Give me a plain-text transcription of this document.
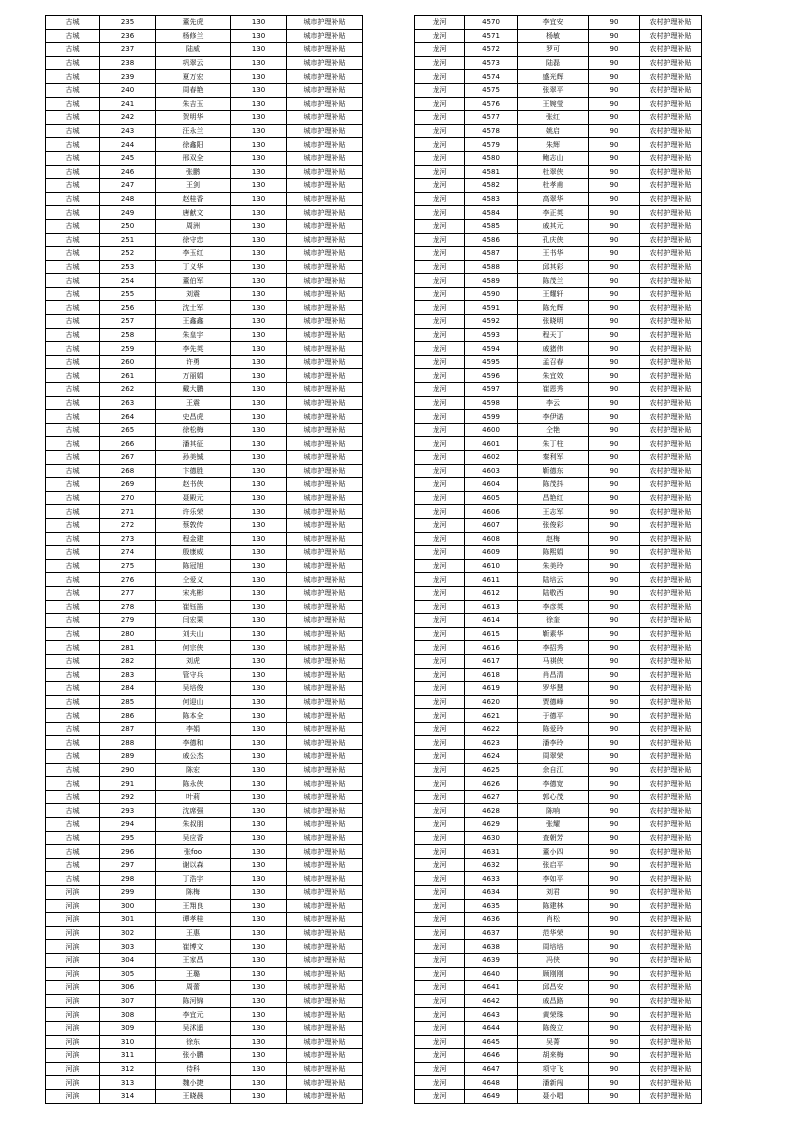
古城	235	董先虎	130	城市护理补贴
古城	236	杨修兰	130	城市护理补贴
古城	237	陆威	130	城市护理补贴
古城	238	巩翠云	130	城市护理补贴
古城	239	夏万宏	130	城市护理补贴
古城	240	周春艳	130	城市护理补贴
古城	241	朱吉玉	130	城市护理补贴
古城	242	贺明华	130	城市护理补贴
古城	243	汪永兰	130	城市护理补贴
古城	244	徐鑫阳	130	城市护理补贴
古城	245	邢双全	130	城市护理补贴
古城	246	张鹏	130	城市护理补贴
古城	247	王剑	130	城市护理补贴
古城	248	赵桂香	130	城市护理补贴
古城	249	唐献文	130	城市护理补贴
古城	250	周洲	130	城市护理补贴
古城	251	徐守忠	130	城市护理补贴
古城	252	李玉红	130	城市护理补贴
古城	253	丁义华	130	城市护理补贴
古城	254	董伯军	130	城市护理补贴
古城	255	刘震	130	城市护理补贴
古城	256	沈士军	130	城市护理补贴
古城	257	王鑫鑫	130	城市护理补贴
古城	258	朱皇宇	130	城市护理补贴
古城	259	李先英	130	城市护理补贴
古城	260	许勇	130	城市护理补贴
古城	261	万丽娟	130	城市护理补贴
古城	262	戴大鹏	130	城市护理补贴
古城	263	王震	130	城市护理补贴
古城	264	史昌虎	130	城市护理补贴
古城	265	徐松梅	130	城市护理补贴
古城	266	潘其征	130	城市护理补贴
古城	267	孙美铖	130	城市护理补贴
古城	268	卞德胜	130	城市护理补贴
古城	269	赵书侠	130	城市护理补贴
古城	270	聂殿元	130	城市护理补贴
古城	271	许乐荣	130	城市护理补贴
古城	272	蔡敦传	130	城市护理补贴
古城	273	程金建	130	城市护理补贴
古城	274	殷康威	130	城市护理补贴
古城	275	陈冠旭	130	城市护理补贴
古城	276	仝爱义	130	城市护理补贴
古城	277	宋兆彬	130	城市护理补贴
古城	278	崔钰笛	130	城市护理补贴
古城	279	闫宏果	130	城市护理补贴
古城	280	刘夫山	130	城市护理补贴
古城	281	何宗侠	130	城市护理补贴
古城	282	刘虎	130	城市护理补贴
古城	283	管守兵	130	城市护理补贴
古城	284	吴培俊	130	城市护理补贴
古城	285	何迎山	130	城市护理补贴
古城	286	陈本全	130	城市护理补贴
古城	287	李娟	130	城市护理补贴
古城	288	李德和	130	城市护理补贴
古城	289	戚公杰	130	城市护理补贴
古城	290	陈宏	130	城市护理补贴
古城	291	陈永侠	130	城市护理补贴
古城	292	叶莉	130	城市护理补贴
古城	293	沈席强	130	城市护理补贴
古城	294	朱叔朋	130	城市护理补贴
古城	295	吴应香	130	城市护理补贴
古城	296	张foo	130	城市护理补贴
古城	297	谢以森	130	城市护理补贴
古城	298	丁浩宇	130	城市护理补贴
河滨	299	陈梅	130	城市护理补贴
河滨	300	王翔良	130	城市护理补贴
河滨	301	谭孝桂	130	城市护理补贴
河滨	302	王惠	130	城市护理补贴
河滨	303	崔博文	130	城市护理补贴
河滨	304	王家昌	130	城市护理补贴
河滨	305	王璐	130	城市护理补贴
河滨	306	周蕾	130	城市护理补贴
河滨	307	陈河锦	130	城市护理补贴
河滨	308	李宜元	130	城市护理补贴
河滨	309	吴沭遥	130	城市护理补贴
河滨	310	徐东	130	城市护理补贴
河滨	311	张小鹏	130	城市护理补贴
河滨	312	侍科	130	城市护理补贴
河滨	313	魏小捷	130	城市护理补贴
河滨	314	王晓晨	130	城市护理补贴
龙河	4570	李宜安	90	农村护理补贴
龙河	4571	杨敏	90	农村护理补贴
龙河	4572	罗可	90	农村护理补贴
龙河	4573	陆磊	90	农村护理补贴
龙河	4574	盛光辉	90	农村护理补贴
龙河	4575	张翠平	90	农村护理补贴
龙河	4576	王婉莹	90	农村护理补贴
龙河	4577	张红	90	农村护理补贴
龙河	4578	姚启	90	农村护理补贴
龙河	4579	朱辉	90	农村护理补贴
龙河	4580	鲍志山	90	农村护理补贴
龙河	4581	杜翠侠	90	农村护理补贴
龙河	4582	杜孝甫	90	农村护理补贴
龙河	4583	高翠华	90	农村护理补贴
龙河	4584	李正英	90	农村护理补贴
龙河	4585	戚其元	90	农村护理补贴
龙河	4586	孔庆侠	90	农村护理补贴
龙河	4587	王书华	90	农村护理补贴
龙河	4588	邱其彩	90	农村护理补贴
龙河	4589	陈茂兰	90	农村护理补贴
龙河	4590	王耀轩	90	农村护理补贴
龙河	4591	陈允辉	90	农村护理补贴
龙河	4592	张晓明	90	农村护理补贴
龙河	4593	程天丁	90	农村护理补贴
龙河	4594	戚猪伟	90	农村护理补贴
龙河	4595	孟召春	90	农村护理补贴
龙河	4596	朱宜效	90	农村护理补贴
龙河	4597	崔恩秀	90	农村护理补贴
龙河	4598	李云	90	农村护理补贴
龙河	4599	李伊诺	90	农村护理补贴
龙河	4600	仝艳	90	农村护理补贴
龙河	4601	朱丁柱	90	农村护理补贴
龙河	4602	秦利军	90	农村护理补贴
龙河	4603	靳德东	90	农村护理补贴
龙河	4604	陈茂抖	90	农村护理补贴
龙河	4605	昌艳红	90	农村护理补贴
龙河	4606	王志军	90	农村护理补贴
龙河	4607	张俊彩	90	农村护理补贴
龙河	4608	赵梅	90	农村护理补贴
龙河	4609	陈熙娟	90	农村护理补贴
龙河	4610	朱美玲	90	农村护理补贴
龙河	4611	陆培云	90	农村护理补贴
龙河	4612	陆敬西	90	农村护理补贴
龙河	4613	李彦英	90	农村护理补贴
龙河	4614	徐奎	90	农村护理补贴
龙河	4615	靳素华	90	农村护理补贴
龙河	4616	李招秀	90	农村护理补贴
龙河	4617	马祺侠	90	农村护理补贴
龙河	4618	肖昌清	90	农村护理补贴
龙河	4619	罗华慧	90	农村护理补贴
龙河	4620	贾德峰	90	农村护理补贴
龙河	4621	于德平	90	农村护理补贴
龙河	4622	陈爱玲	90	农村护理补贴
龙河	4623	潘李玲	90	农村护理补贴
龙河	4624	周翠荣	90	农村护理补贴
龙河	4625	余自江	90	农村护理补贴
龙河	4626	李德宽	90	农村护理补贴
龙河	4627	郭心茂	90	农村护理补贴
龙河	4628	陈响	90	农村护理补贴
龙河	4629	张耀	90	农村护理补贴
龙河	4630	查朝芳	90	农村护理补贴
龙河	4631	董小四	90	农村护理补贴
龙河	4632	张启平	90	农村护理补贴
龙河	4633	李如平	90	农村护理补贴
龙河	4634	刘君	90	农村护理补贴
龙河	4635	陈建林	90	农村护理补贴
龙河	4636	肖松	90	农村护理补贴
龙河	4637	范华荣	90	农村护理补贴
龙河	4638	周培培	90	农村护理补贴
龙河	4639	冯侠	90	农村护理补贴
龙河	4640	顾刚刚	90	农村护理补贴
龙河	4641	邱昌安	90	农村护理补贴
龙河	4642	戚昌路	90	农村护理补贴
龙河	4643	黄荣珠	90	农村护理补贴
龙河	4644	陈俊立	90	农村护理补贴
龙河	4645	吴菁	90	农村护理补贴
龙河	4646	胡来梅	90	农村护理补贴
龙河	4647	项守飞	90	农村护理补贴
龙河	4648	潘新闯	90	农村护理补贴
龙河	4649	聂小唱	90	农村护理补贴
